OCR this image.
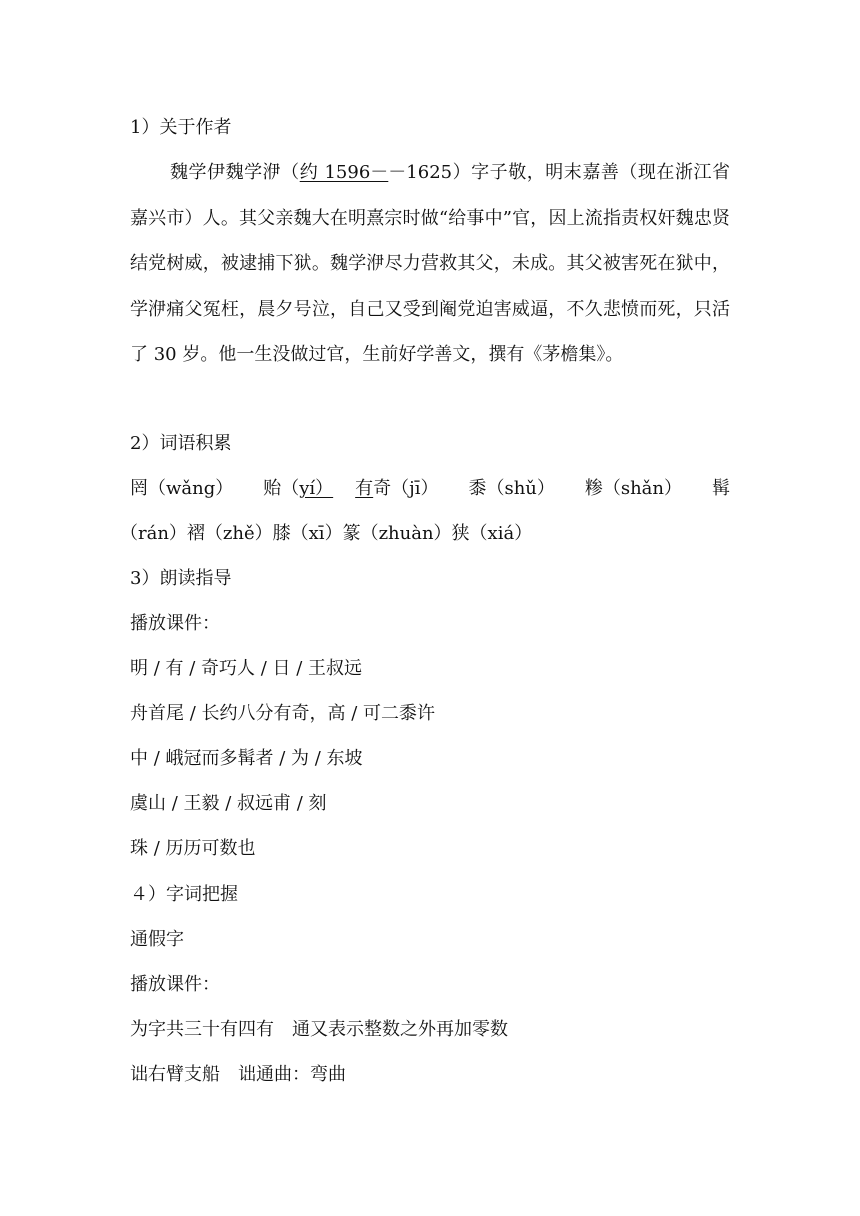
1）关于作者
魏学伊魏学洢（约 1596－－1625）字子敬，明末嘉善（现在浙江省嘉兴市）人。其父亲魏大在明熹宗时做“给事中”官，因上流指责权奸魏忠贤结党树威，被逮捕下狱。魏学洢尽力营救其父，未成。其父被害死在狱中，学洢痛父冤枉，晨夕号泣，自己又受到阉党迫害威逼，不久悲愤而死，只活了 30 岁。他一生没做过官，生前好学善文，撰有《茅檐集》。
2）词语积累
罔（wǎng） 贻（yí） 有奇（jī） 黍（shǔ） 糁（shǎn） 髯
（rán）褶（zhě）膝（xī）篆（zhuàn）狭（xiá）
3）朗读指导
播放课件：
明 / 有 / 奇巧人 / 日 / 王叔远
舟首尾 / 长约八分有奇，高 / 可二黍许
中 / 峨冠而多髯者 / 为 / 东坡
虞山 / 王毅 / 叔远甫 / 刻
珠 / 历历可数也
４）字词把握
通假字
播放课件：
为字共三十有四有　通又表示整数之外再加零数
诎右臂支船　诎通曲：弯曲
